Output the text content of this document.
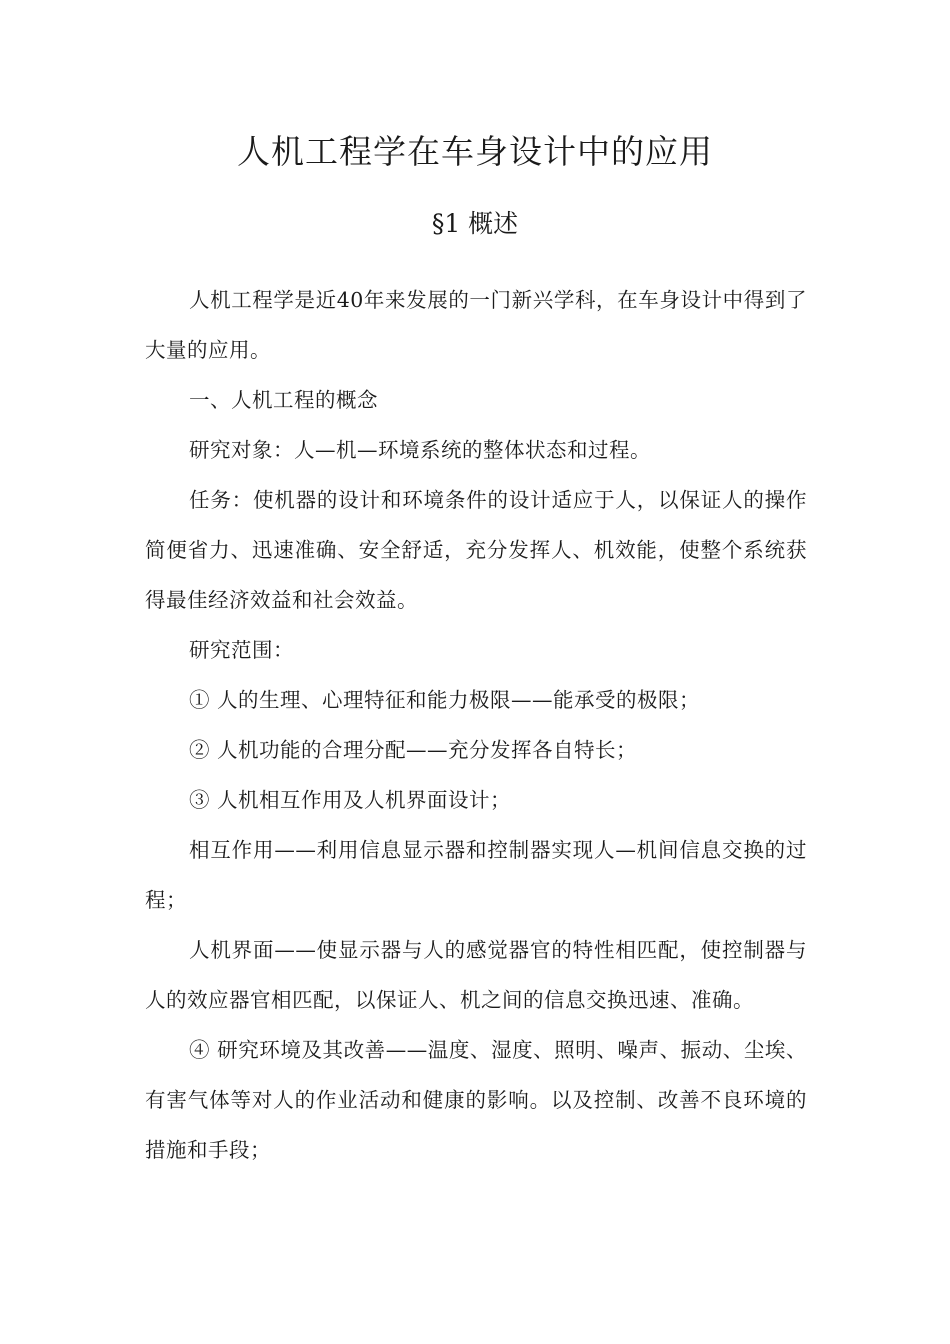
人机工程学在车身设计中的应用
§1 概述

人机工程学是近40年来发展的一门新兴学科，在车身设计中得到了大量的应用。

一、人机工程的概念

研究对象：人—机—环境系统的整体状态和过程。

任务：使机器的设计和环境条件的设计适应于人，以保证人的操作简便省力、迅速准确、安全舒适，充分发挥人、机效能，使整个系统获得最佳经济效益和社会效益。

研究范围：

① 人的生理、心理特征和能力极限——能承受的极限；

② 人机功能的合理分配——充分发挥各自特长；

③ 人机相互作用及人机界面设计；

相互作用——利用信息显示器和控制器实现人—机间信息交换的过程；

人机界面——使显示器与人的感觉器官的特性相匹配，使控制器与人的效应器官相匹配，以保证人、机之间的信息交换迅速、准确。

④ 研究环境及其改善——温度、湿度、照明、噪声、振动、尘埃、有害气体等对人的作业活动和健康的影响。以及控制、改善不良环境的措施和手段；
